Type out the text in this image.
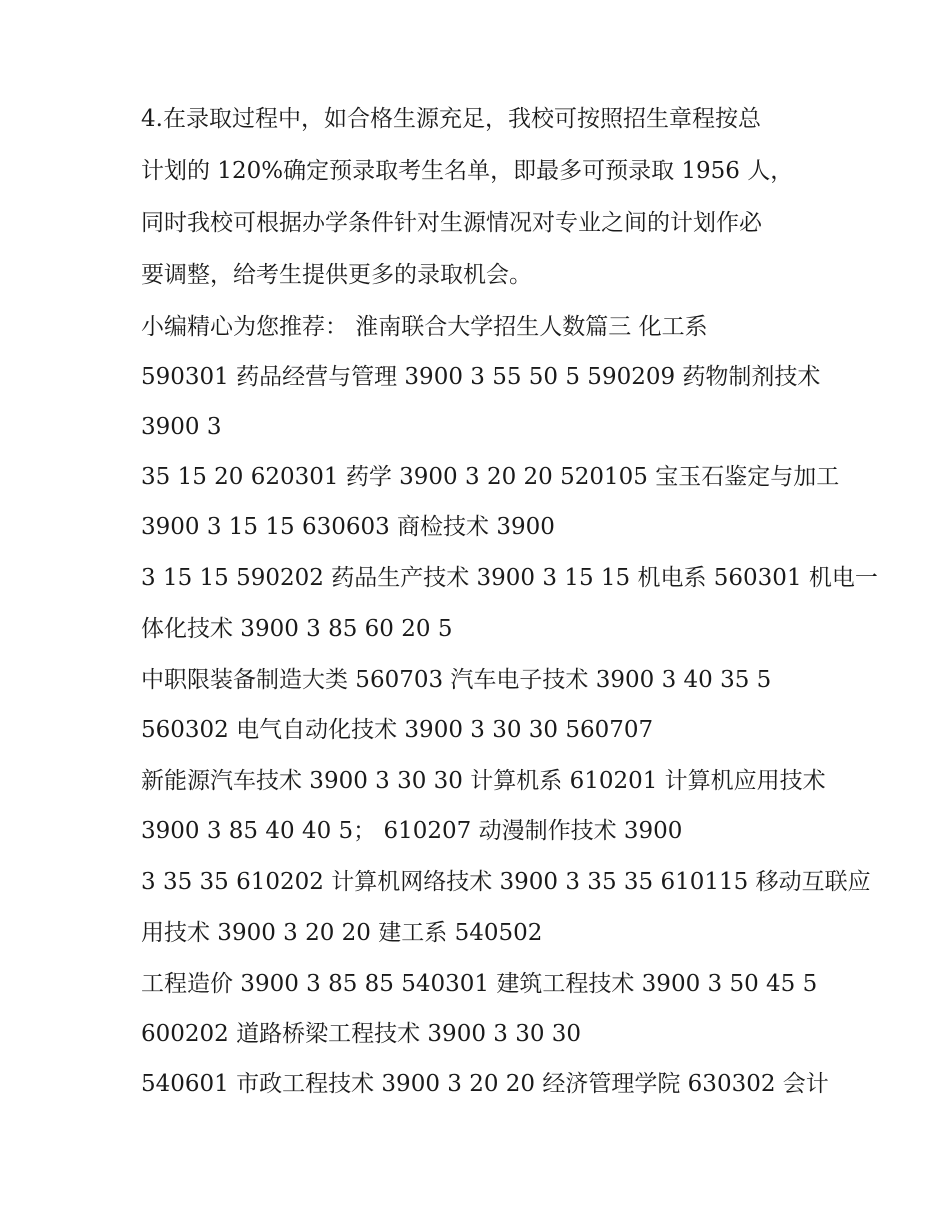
4.在录取过程中，如合格生源充足，我校可按照招生章程按总
计划的 120%确定预录取考生名单，即最多可预录取 1956 人，
同时我校可根据办学条件针对生源情况对专业之间的计划作必
要调整，给考生提供更多的录取机会。
小编精心为您推荐： 淮南联合大学招生人数篇三 化工系
590301 药品经营与管理 3900 3 55 50 5 590209 药物制剂技术
3900 3
35 15 20 620301 药学 3900 3 20 20 520105 宝玉石鉴定与加工
3900 3 15 15 630603 商检技术 3900
3 15 15 590202 药品生产技术 3900 3 15 15 机电系 560301 机电一
体化技术 3900 3 85 60 20 5
中职限装备制造大类 560703 汽车电子技术 3900 3 40 35 5
560302 电气自动化技术 3900 3 30 30 560707
新能源汽车技术 3900 3 30 30 计算机系 610201 计算机应用技术
3900 3 85 40 40 5； 610207 动漫制作技术 3900
3 35 35 610202 计算机网络技术 3900 3 35 35 610115 移动互联应
用技术 3900 3 20 20 建工系 540502
工程造价 3900 3 85 85 540301 建筑工程技术 3900 3 50 45 5
600202 道路桥梁工程技术 3900 3 30 30
540601 市政工程技术 3900 3 20 20 经济管理学院 630302 会计
